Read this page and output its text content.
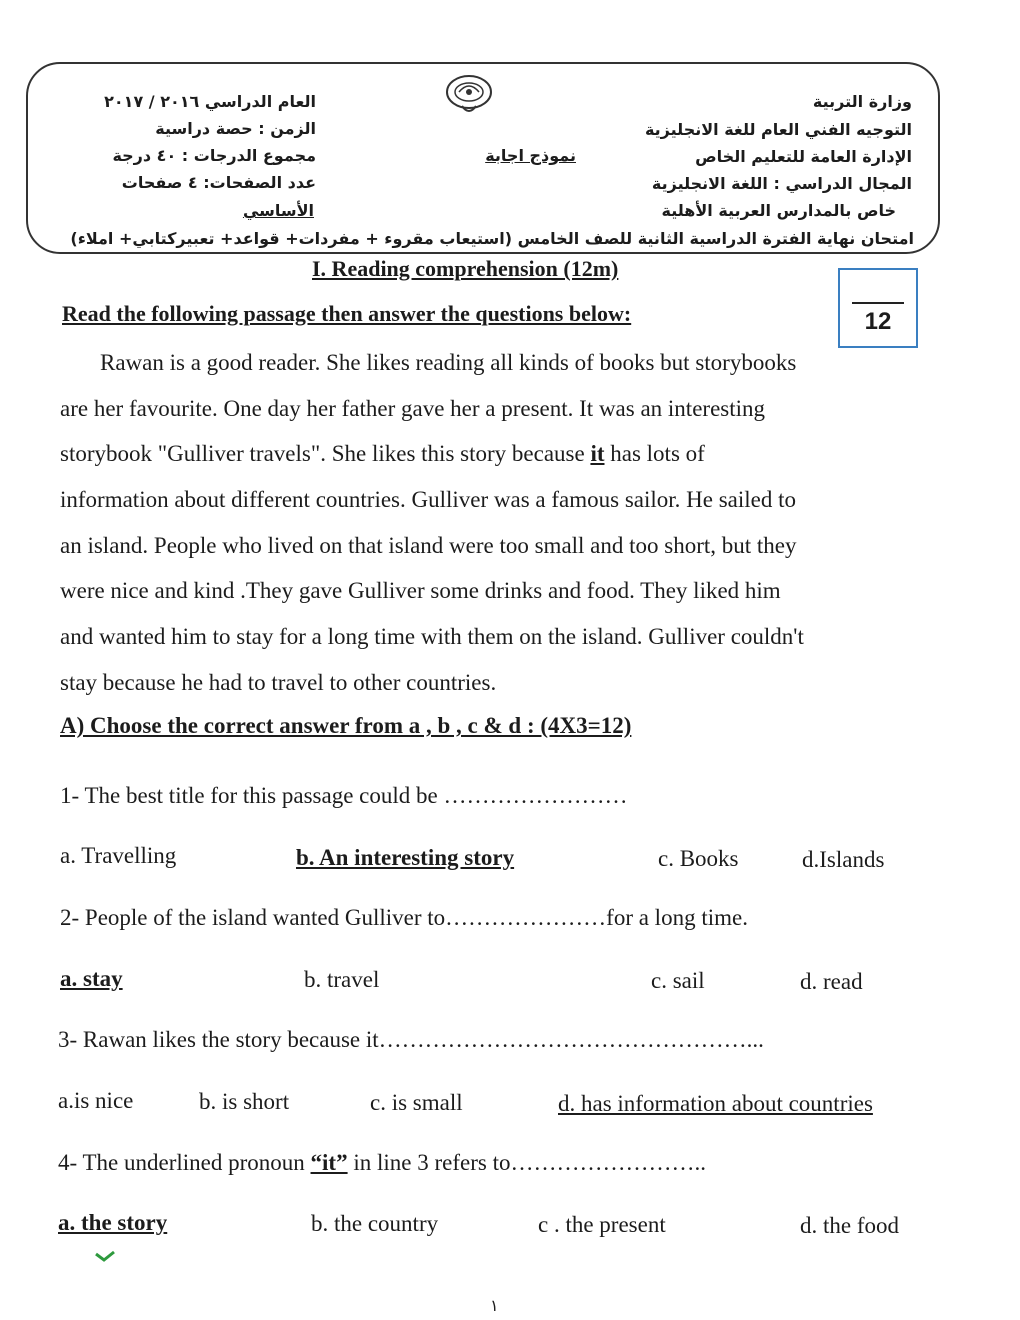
وزارة التربية
التوجيه الفني العام للغة الانجليزية
الإدارة العامة للتعليم الخاص
المجال الدراسي : اللغة الانجليزية
خاص بالمدارس العربية الأهلية
العام الدراسي ٢٠١٦ / ٢٠١٧
الزمن : حصة دراسية
مجموع الدرجات : ٤٠ درجة
عدد الصفحات: ٤ صفحات
الأساسي
نموذج اجابة
امتحان نهاية الفترة الدراسية الثانية للصف الخامس (استيعاب مقروء + مفردات+ قواعد+ تعبيركتابي+ املاء)
I. Reading comprehension (12m)
Read the following passage then answer the questions below:	12

Rawan is a good reader. She likes reading all kinds of books but storybooks

are her favourite. One day her father gave her a present. It was an interesting

storybook "Gulliver travels". She likes this story because it has lots of

information about different countries. Gulliver was a famous sailor. He sailed to

an island. People who lived on that island were too small and too short, but they

were nice and kind .They gave Gulliver some drinks and food. They liked him

and wanted him to stay for a long time with them on the island. Gulliver couldn't

stay because he had to travel to other countries.

A) Choose the correct answer from a , b , c & d : (4X3=12)
1- The best title for this passage could be ……………………
a. Travelling	b. An interesting story	c. Books	d.Islands
2- People of the island wanted Gulliver to…………………for a long time.
a. stay	b. travel	c. sail	d. read
3- Rawan likes the story because it…………………………………………...
a.is nice	b. is short	c. is small	d. has information about countries
4- The underlined pronoun “it” in line 3 refers to……………………..
a. the story	b. the country	c . the present	d. the food
١
